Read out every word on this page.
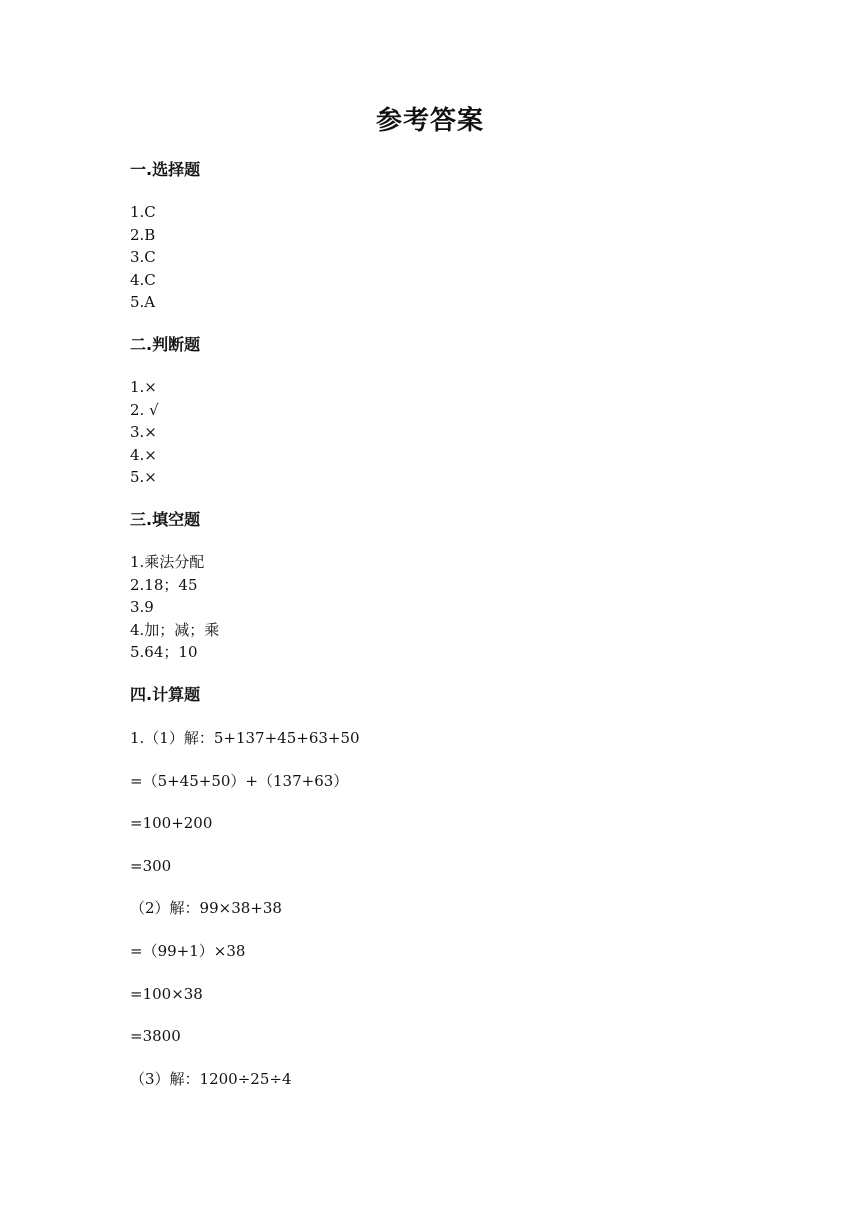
参考答案
一.选择题
1.C
2.B
3.C
4.C
5.A
二.判断题
1.×
2. √
3.×
4.×
5.×
三.填空题
1.乘法分配
2.18；45
3.9
4.加；减；乘
5.64；10
四.计算题
1.（1）解：5+137+45+63+50
=（5+45+50）+（137+63）
=100+200
=300
（2）解：99×38+38
=（99+1）×38
=100×38
=3800
（3）解：1200÷25÷4
